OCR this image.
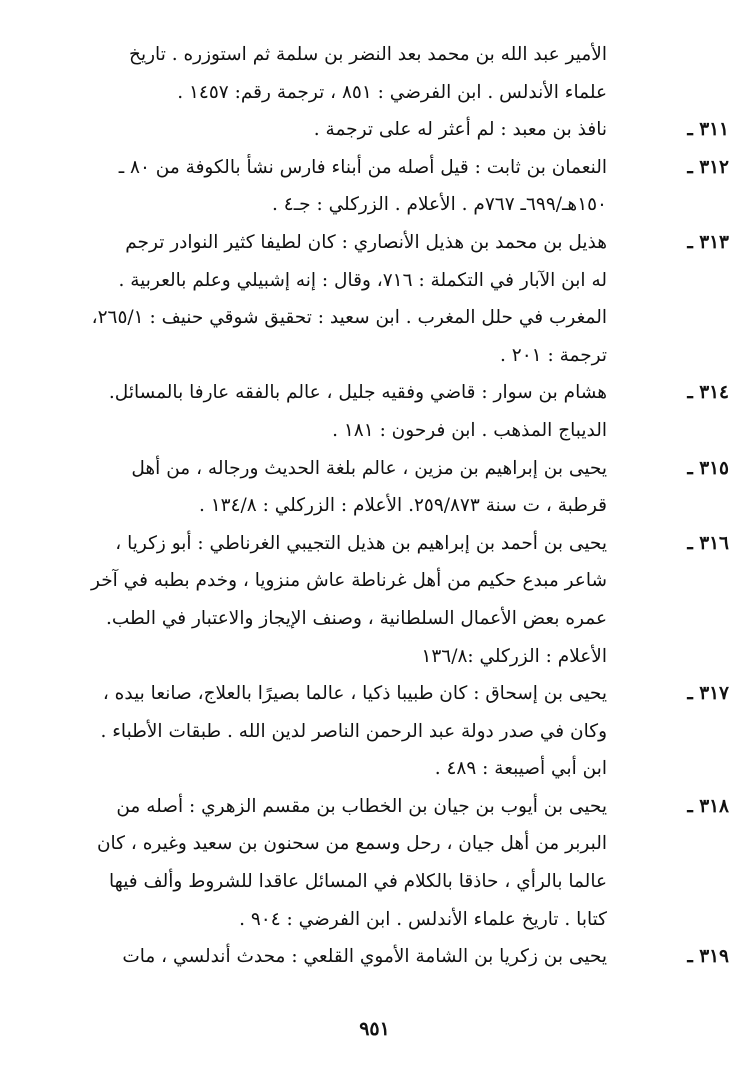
الأمير عبد الله بن محمد بعد النضر بن سلمة ثم استوزره . تاريخ
علماء الأندلس . ابن الفرضي : ٨٥١ ، ترجمة رقم: ١٤٥٧ .
٣١١ ـنافذ بن معبد : لم أعثر له على ترجمة .
٣١٢ ـالنعمان بن ثابت : قيل أصله من أبناء فارس نشأ بالكوفة من ٨٠ ـ
١٥٠هـ/٦٩٩ـ ٧٦٧م . الأعلام . الزركلي : جـ٤ .
٣١٣ ـهذيل بن محمد بن هذيل الأنصاري : كان لطيفا كثير النوادر ترجم
له ابن الآبار في التكملة : ٧١٦، وقال : إنه إشبيلي وعلم بالعربية .
المغرب في حلل المغرب . ابن سعيد : تحقيق شوقي حنيف : ٢٦٥/١،
ترجمة : ٢٠١ .
٣١٤ ـهشام بن سوار : قاضي وفقيه جليل ، عالم بالفقه عارفا بالمسائل.
الديباج المذهب . ابن فرحون : ١٨١ .
٣١٥ ـيحيى بن إبراهيم بن مزين ، عالم بلغة الحديث ورجاله ، من أهل
قرطبة ، ت سنة ٢٥٩/٨٧٣. الأعلام : الزركلي : ١٣٤/٨ .
٣١٦ ـيحيى بن أحمد بن إبراهيم بن هذيل التجيبي الغرناطي : أبو زكريا ،
شاعر مبدع حكيم من أهل غرناطة عاش منزويا ، وخدم بطبه في آخر
عمره بعض الأعمال السلطانية ، وصنف الإيجاز والاعتبار في الطب.
الأعلام : الزركلي :١٣٦/٨
٣١٧ ـيحيى بن إسحاق : كان طبيبا ذكيا ، عالما بصيرًا بالعلاج، صانعا بيده ،
وكان في صدر دولة عبد الرحمن الناصر لدين الله . طبقات الأطباء .
ابن أبي أصيبعة : ٤٨٩ .
٣١٨ ـيحيى بن أيوب بن جيان بن الخطاب بن مقسم الزهري : أصله من
البربر من أهل جيان ، رحل وسمع من سحنون بن سعيد وغيره ، كان
عالما بالرأي ، حاذقا بالكلام في المسائل عاقدا للشروط وألف فيها
كتابا . تاريخ علماء الأندلس . ابن الفرضي : ٩٠٤ .
٣١٩ ـيحيى بن زكريا بن الشامة الأموي القلعي : محدث أندلسي ، مات
٩٥١
